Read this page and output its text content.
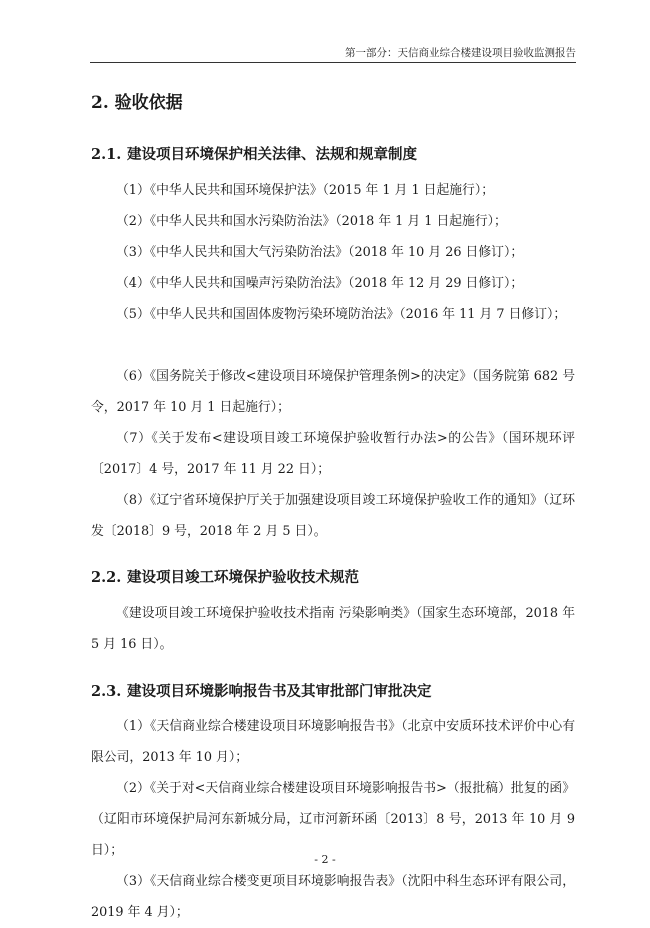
第一部分：天信商业综合楼建设项目验收监测报告
2. 验收依据
2.1. 建设项目环境保护相关法律、法规和规章制度
（1）《中华人民共和国环境保护法》（2015 年 1 月 1 日起施行）；
（2）《中华人民共和国水污染防治法》（2018 年 1 月 1 日起施行）；
（3）《中华人民共和国大气污染防治法》（2018 年 10 月 26 日修订）；
（4）《中华人民共和国噪声污染防治法》（2018 年 12 月 29 日修订）；
（5）《中华人民共和国固体废物污染环境防治法》（2016 年 11 月 7 日修订）；
（6）《国务院关于修改<建设项目环境保护管理条例>的决定》（国务院第 682 号令，2017 年 10 月 1 日起施行）；
（7）《关于发布<建设项目竣工环境保护验收暂行办法>的公告》（国环规环评〔2017〕4 号，2017 年 11 月 22 日）；
（8）《辽宁省环境保护厅关于加强建设项目竣工环境保护验收工作的通知》（辽环发〔2018〕9 号，2018 年 2 月 5 日）。
2.2. 建设项目竣工环境保护验收技术规范
《建设项目竣工环境保护验收技术指南 污染影响类》（国家生态环境部，2018 年 5 月 16 日）。
2.3. 建设项目环境影响报告书及其审批部门审批决定
（1）《天信商业综合楼建设项目环境影响报告书》（北京中安质环技术评价中心有限公司，2013 年 10 月）；
（2）《关于对<天信商业综合楼建设项目环境影响报告书>（报批稿）批复的函》（辽阳市环境保护局河东新城分局，辽市河新环函〔2013〕8 号，2013 年 10 月 9 日）；
（3）《天信商业综合楼变更项目环境影响报告表》（沈阳中科生态环评有限公司，2019 年 4 月）；
- 2 -
